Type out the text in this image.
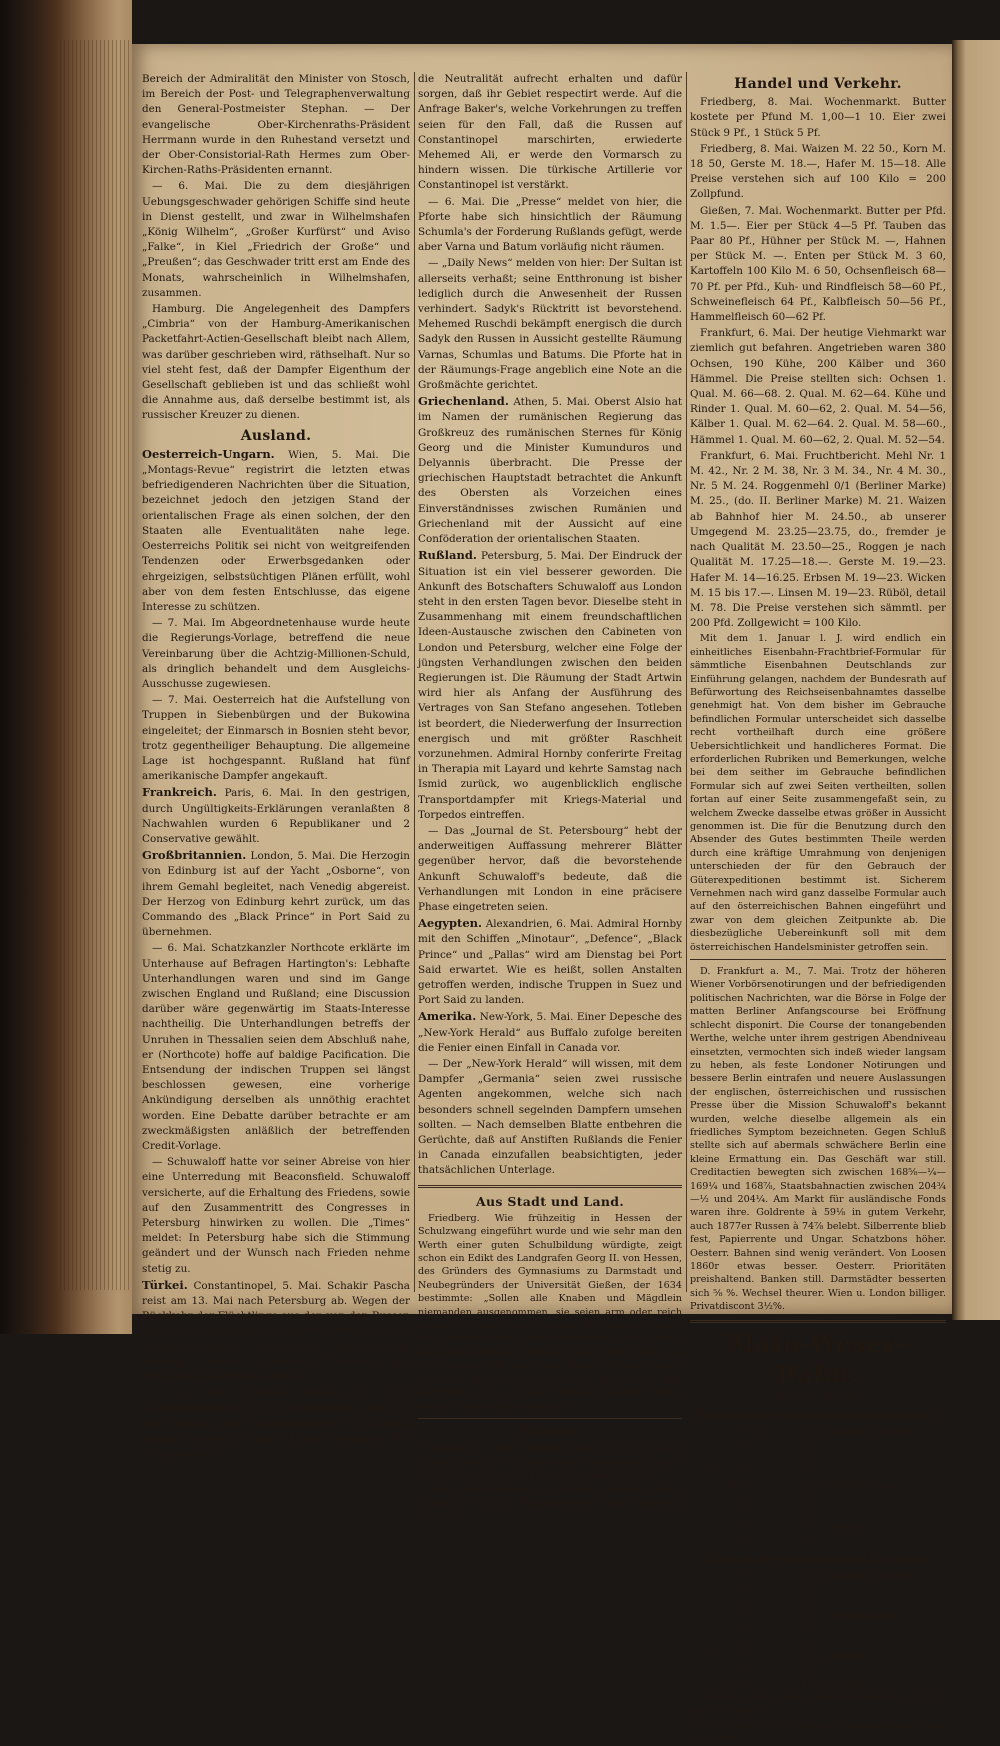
Bereich der Admiralität den Minister von Stosch, im Bereich der Post- und Telegraphenverwaltung den General-Postmeister Stephan. — Der evangelische Ober-Kirchenraths-Präsident Herrmann wurde in den Ruhestand versetzt und der Ober-Consistorial-Rath Hermes zum Ober-Kirchen-Raths-Präsidenten ernannt.

— 6. Mai. Die zu dem diesjährigen Uebungsgeschwader gehörigen Schiffe sind heute in Dienst gestellt, und zwar in Wilhelmshafen „König Wilhelm“, „Großer Kurfürst“ und Aviso „Falke“, in Kiel „Friedrich der Große“ und „Preußen“; das Geschwader tritt erst am Ende des Monats, wahrscheinlich in Wilhelmshafen, zusammen.

Hamburg. Die Angelegenheit des Dampfers „Cimbria“ von der Hamburg-Amerikanischen Packetfahrt-Actien-Gesellschaft bleibt nach Allem, was darüber geschrieben wird, räthselhaft. Nur so viel steht fest, daß der Dampfer Eigenthum der Gesellschaft geblieben ist und das schließt wohl die Annahme aus, daß derselbe bestimmt ist, als russischer Kreuzer zu dienen.

Ausland.

Oesterreich-Ungarn. Wien, 5. Mai. Die „Montags-Revue“ registrirt die letzten etwas befriedigenderen Nachrichten über die Situation, bezeichnet jedoch den jetzigen Stand der orientalischen Frage als einen solchen, der den Staaten alle Eventualitäten nahe lege. Oesterreichs Politik sei nicht von weitgreifenden Tendenzen oder Erwerbsgedanken oder ehrgeizigen, selbstsüchtigen Plänen erfüllt, wohl aber von dem festen Entschlusse, das eigene Interesse zu schützen.

— 7. Mai. Im Abgeordnetenhause wurde heute die Regierungs-Vorlage, betreffend die neue Vereinbarung über die Achtzig-Millionen-Schuld, als dringlich behandelt und dem Ausgleichs-Ausschusse zugewiesen.

— 7. Mai. Oesterreich hat die Aufstellung von Truppen in Siebenbürgen und der Bukowina eingeleitet; der Einmarsch in Bosnien steht bevor, trotz gegentheiliger Behauptung. Die allgemeine Lage ist hochgespannt. Rußland hat fünf amerikanische Dampfer angekauft.

Frankreich. Paris, 6. Mai. In den gestrigen, durch Ungültigkeits-Erklärungen veranlaßten 8 Nachwahlen wurden 6 Republikaner und 2 Conservative gewählt.

Großbritannien. London, 5. Mai. Die Herzogin von Edinburg ist auf der Yacht „Osborne“, von ihrem Gemahl begleitet, nach Venedig abgereist. Der Herzog von Edinburg kehrt zurück, um das Commando des „Black Prince“ in Port Said zu übernehmen.

— 6. Mai. Schatzkanzler Northcote erklärte im Unterhause auf Befragen Hartington's: Lebhafte Unterhandlungen waren und sind im Gange zwischen England und Rußland; eine Discussion darüber wäre gegenwärtig im Staats-Interesse nachtheilig. Die Unterhandlungen betreffs der Unruhen in Thessalien seien dem Abschluß nahe, er (Northcote) hoffe auf baldige Pacification. Die Entsendung der indischen Truppen sei längst beschlossen gewesen, eine vorherige Ankündigung derselben als unnöthig erachtet worden. Eine Debatte darüber betrachte er am zweckmäßigsten anläßlich der betreffenden Credit-Vorlage.

— Schuwaloff hatte vor seiner Abreise von hier eine Unterredung mit Beaconsfield. Schuwaloff versicherte, auf die Erhaltung des Friedens, sowie auf den Zusammentritt des Congresses in Petersburg hinwirken zu wollen. Die „Times“ meldet: In Petersburg habe sich die Stimmung geändert und der Wunsch nach Frieden nehme stetig zu.

Türkei. Constantinopel, 5. Mai. Schakir Pascha reist am 13. Mai nach Petersburg ab. Wegen der Rückkehr der Flüchtlinge aus den von den Russen außerhalb Bulgariens occupirten Orten ist eine russisch-türkische Convention abgeschlossen worden, wonach russische Truppen die Flüchtlinge escortiren werden.

— 5. Mai. Chefket Pascha ist zum Commandirenden in der Herzegowina und Ali Saib Pascha zum Commandanten von Larissa ernannt worden. Sadyk Pascha erklärte, die Türkei werde

die Neutralität aufrecht erhalten und dafür sorgen, daß ihr Gebiet respectirt werde. Auf die Anfrage Baker's, welche Vorkehrungen zu treffen seien für den Fall, daß die Russen auf Constantinopel marschirten, erwiederte Mehemed Ali, er werde den Vormarsch zu hindern wissen. Die türkische Artillerie vor Constantinopel ist verstärkt.

— 6. Mai. Die „Presse“ meldet von hier, die Pforte habe sich hinsichtlich der Räumung Schumla's der Forderung Rußlands gefügt, werde aber Varna und Batum vorläufig nicht räumen.

— „Daily News“ melden von hier: Der Sultan ist allerseits verhaßt; seine Entthronung ist bisher lediglich durch die Anwesenheit der Russen verhindert. Sadyk's Rücktritt ist bevorstehend. Mehemed Ruschdi bekämpft energisch die durch Sadyk den Russen in Aussicht gestellte Räumung Varnas, Schumlas und Batums. Die Pforte hat in der Räumungs-Frage angeblich eine Note an die Großmächte gerichtet.

Griechenland. Athen, 5. Mai. Oberst Alsio hat im Namen der rumänischen Regierung das Großkreuz des rumänischen Sternes für König Georg und die Minister Kumunduros und Delyannis überbracht. Die Presse der griechischen Hauptstadt betrachtet die Ankunft des Obersten als Vorzeichen eines Einverständnisses zwischen Rumänien und Griechenland mit der Aussicht auf eine Conföderation der orientalischen Staaten.

Rußland. Petersburg, 5. Mai. Der Eindruck der Situation ist ein viel besserer geworden. Die Ankunft des Botschafters Schuwaloff aus London steht in den ersten Tagen bevor. Dieselbe steht in Zusammenhang mit einem freundschaftlichen Ideen-Austausche zwischen den Cabineten von London und Petersburg, welcher eine Folge der jüngsten Verhandlungen zwischen den beiden Regierungen ist. Die Räumung der Stadt Artwin wird hier als Anfang der Ausführung des Vertrages von San Stefano angesehen. Totleben ist beordert, die Niederwerfung der Insurrection energisch und mit größter Raschheit vorzunehmen. Admiral Hornby conferirte Freitag in Therapia mit Layard und kehrte Samstag nach Ismid zurück, wo augenblicklich englische Transportdampfer mit Kriegs-Material und Torpedos eintreffen.

— Das „Journal de St. Petersbourg“ hebt der anderweitigen Auffassung mehrerer Blätter gegenüber hervor, daß die bevorstehende Ankunft Schuwaloff's bedeute, daß die Verhandlungen mit London in eine präcisere Phase eingetreten seien.

Aegypten. Alexandrien, 6. Mai. Admiral Hornby mit den Schiffen „Minotaur“, „Defence“, „Black Prince“ und „Pallas“ wird am Dienstag bei Port Said erwartet. Wie es heißt, sollen Anstalten getroffen werden, indische Truppen in Suez und Port Said zu landen.

Amerika. New-York, 5. Mai. Einer Depesche des „New-York Herald“ aus Buffalo zufolge bereiten die Fenier einen Einfall in Canada vor.

— Der „New-York Herald“ will wissen, mit dem Dampfer „Germania“ seien zwei russische Agenten angekommen, welche sich nach besonders schnell segelnden Dampfern umsehen sollten. — Nach demselben Blatte entbehren die Gerüchte, daß auf Anstiften Rußlands die Fenier in Canada einzufallen beabsichtigten, jeder thatsächlichen Unterlage.

Aus Stadt und Land.

Friedberg. Wie frühzeitig in Hessen der Schulzwang eingeführt wurde und wie sehr man den Werth einer guten Schulbildung würdigte, zeigt schon ein Edikt des Landgrafen Georg II. von Hessen, des Gründers des Gymnasiums zu Darmstadt und Neubegründers der Universität Gießen, der 1634 bestimmte: „Sollen alle Knaben und Mägdlein niemanden ausgenommen, sie seien arm oder reich die nur das Alter erreicht haben, daß sie etwas fassen und behalten können, zum wenigsten so lange, bis sie lesen und schreiben können, in die Schule gehen, es wäre denn, daß einer bei seinen Kindern einen privatum praeceptorem hielte, der eben das verrichtete, was in der Schule gehandelt wird, welches ihnen wohl vergönnt ist.“

Allerlei.

Hamburg, 7. Mai. Gestern Abend 10½ Uhr ist die Pulver-Fabrik bei Schulau (unweit Blankenese) in die Luft geflogen. Es wurden zehn Personen vermißt.

Posen. Die Rinderpest ist, außer in Radzwic, Kreis Gostynin, auch in Wladislawowo (Kreis Kalvarya) erloschen.

Handel und Verkehr.

Friedberg, 8. Mai. Wochenmarkt. Butter kostete per Pfund M. 1,00—1 10. Eier zwei Stück 9 Pf., 1 Stück 5 Pf.

Friedberg, 8. Mai. Waizen M. 22 50., Korn M. 18 50, Gerste M. 18.—, Hafer M. 15—18. Alle Preise verstehen sich auf 100 Kilo = 200 Zollpfund.

Gießen, 7. Mai. Wochenmarkt. Butter per Pfd. M. 1.5—. Eier per Stück 4—5 Pf. Tauben das Paar 80 Pf., Hühner per Stück M. —, Hahnen per Stück M. —. Enten per Stück M. 3 60, Kartoffeln 100 Kilo M. 6 50, Ochsenfleisch 68—70 Pf. per Pfd., Kuh- und Rindfleisch 58—60 Pf., Schweinefleisch 64 Pf., Kalbfleisch 50—56 Pf., Hammelfleisch 60—62 Pf.

Frankfurt, 6. Mai. Der heutige Viehmarkt war ziemlich gut befahren. Angetrieben waren 380 Ochsen, 190 Kühe, 200 Kälber und 360 Hämmel. Die Preise stellten sich: Ochsen 1. Qual. M. 66—68. 2. Qual. M. 62—64. Kühe und Rinder 1. Qual. M. 60—62, 2. Qual. M. 54—56, Kälber 1. Qual. M. 62—64. 2. Qual. M. 58—60., Hämmel 1. Qual. M. 60—62, 2. Qual. M. 52—54.

Frankfurt, 6. Mai. Fruchtbericht. Mehl Nr. 1 M. 42., Nr. 2 M. 38, Nr. 3 M. 34., Nr. 4 M. 30., Nr. 5 M. 24. Roggenmehl 0/1 (Berliner Marke) M. 25., (do. II. Berliner Marke) M. 21. Waizen ab Bahnhof hier M. 24.50., ab unserer Umgegend M. 23.25—23.75, do., fremder je nach Qualität M. 23.50—25., Roggen je nach Qualität M. 17.25—18.—. Gerste M. 19.—23. Hafer M. 14—16.25. Erbsen M. 19—23. Wicken M. 15 bis 17.—. Linsen M. 19—23. Rüböl, detail M. 78. Die Preise verstehen sich sämmtl. per 200 Pfd. Zollgewicht = 100 Kilo.

Mit dem 1. Januar l. J. wird endlich ein einheitliches Eisenbahn-Frachtbrief-Formular für sämmtliche Eisenbahnen Deutschlands zur Einführung gelangen, nachdem der Bundesrath auf Befürwortung des Reichseisenbahnamtes dasselbe genehmigt hat. Von dem bisher im Gebrauche befindlichen Formular unterscheidet sich dasselbe recht vortheilhaft durch eine größere Uebersichtlichkeit und handlicheres Format. Die erforderlichen Rubriken und Bemerkungen, welche bei dem seither im Gebrauche befindlichen Formular sich auf zwei Seiten vertheilten, sollen fortan auf einer Seite zusammengefaßt sein, zu welchem Zwecke dasselbe etwas größer in Aussicht genommen ist. Die für die Benutzung durch den Absender des Gutes bestimmten Theile werden durch eine kräftige Umrahmung von denjenigen unterschieden der für den Gebrauch der Güterexpeditionen bestimmt ist. Sicherem Vernehmen nach wird ganz dasselbe Formular auch auf den österreichischen Bahnen eingeführt und zwar von dem gleichen Zeitpunkte ab. Die diesbezügliche Uebereinkunft soll mit dem österreichischen Handelsminister getroffen sein.

D. Frankfurt a. M., 7. Mai. Trotz der höheren Wiener Vorbörsenotirungen und der befriedigenden politischen Nachrichten, war die Börse in Folge der matten Berliner Anfangscourse bei Eröffnung schlecht disponirt. Die Course der tonangebenden Werthe, welche unter ihrem gestrigen Abendniveau einsetzten, vermochten sich indeß wieder langsam zu heben, als feste Londoner Notirungen und bessere Berlin eintrafen und neuere Auslassungen der englischen, österreichischen und russischen Presse über die Mission Schuwaloff's bekannt wurden, welche dieselbe allgemein als ein friedliches Symptom bezeichneten. Gegen Schluß stellte sich auf abermals schwächere Berlin eine kleine Ermattung ein. Das Geschäft war still. Creditactien bewegten sich zwischen 168⅝—¼—169¼ und 168⅞, Staatsbahnactien zwischen 204¾—½ und 204¼. Am Markt für ausländische Fonds waren ihre. Goldrente à 59⅛ in gutem Verkehr, auch 1877er Russen à 74⅞ belebt. Silberrente blieb fest, Papierrente und Ungar. Schatzbons höher. Oesterr. Bahnen sind wenig verändert. Von Loosen 1860r etwas besser. Oesterr. Prioritäten preishaltend. Banken still. Darmstädter besserten sich ⅝ %. Wechsel theurer. Wien u. London billiger. Privatdiscont 3½%.

Main-Weser-Bahn.
Vom 15. Mai ab.
Züge in der Richtung nach Frankfurt.
	3	Uhr	52	Minuten Morgens,
	6	„	5	„
	7	„	52	„
**	9	„	2	„
	12	„	36	„ Nachmittags,
	2	„	52	„
	5	„	32	„
*	7	„	39	„ Abends,
	9	„	34	„
Züge in der Richtung nach Gießen.
	7	„	28	Minuten Morgens,
*	8	„	56	„
	10	„	53	„
	2	„	21	„ Nachmittags,
	3	„	39	„
	6	„	32	„
**	7	„	57	„ Abends,
	9	„	51	„
	12	„	15	„ Nachts.

Die Züge mit 1 Stern sind Schnellzüge mit I. II. und III. Classe.

Die Züge mit 2 Stern sind Courierzüge mit I. und II. Classe.
